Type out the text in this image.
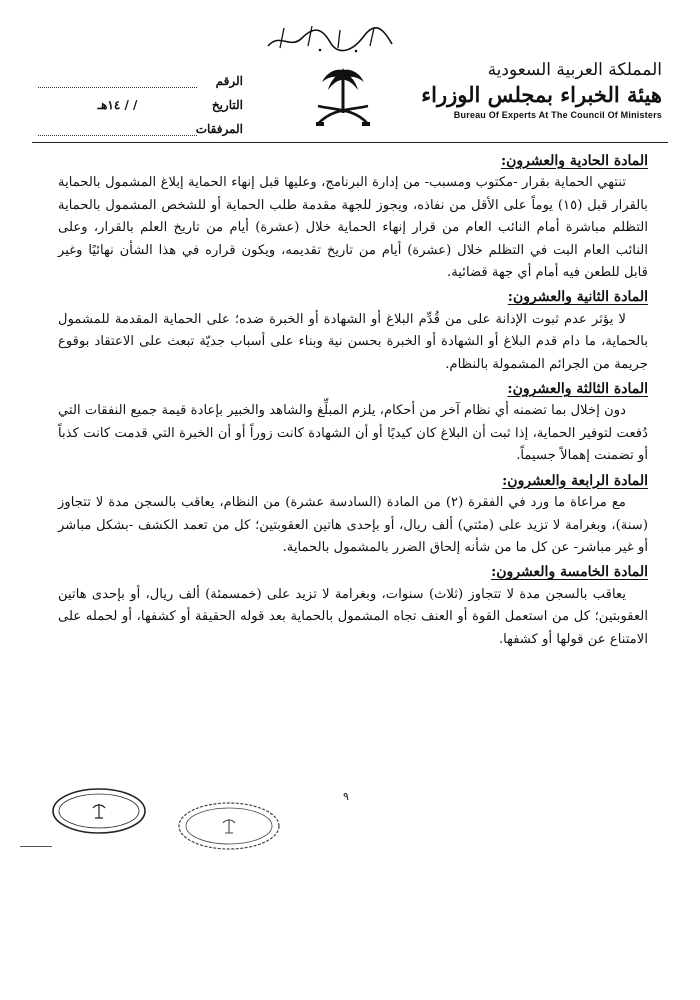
الرقم
التاريخ
/ / ١٤هـ
المرفقات
المملكة العربية السعودية
هيئة الخبراء بمجلس الوزراء
Bureau Of Experts At The Council Of Ministers

المادة الحادية والعشرون:

تنتهي الحماية بقرار -مكتوب ومسبب- من إدارة البرنامج، وعليها قبل إنهاء الحماية إبلاغ المشمول بالحماية بالقرار قبل (١٥) يوماً على الأقل من نفاذه، ويجوز للجهة مقدمة طلب الحماية أو للشخص المشمول بالحماية التظلم مباشرة أمام النائب العام من قرار إنهاء الحماية خلال (عشرة) أيام من تاريخ العلم بالقرار، وعلى النائب العام البت في التظلم خلال (عشرة) أيام من تاريخ تقديمه، ويكون قراره في هذا الشأن نهائيًا وغير قابل للطعن فيه أمام أي جهة قضائية.

المادة الثانية والعشرون:

لا يؤثر عدم ثبوت الإدانة على من قُدِّم البلاغ أو الشهادة أو الخبرة ضده؛ على الحماية المقدمة للمشمول بالحماية، ما دام قدم البلاغ أو الشهادة أو الخبرة بحسن نية وبناء على أسباب جديّة تبعث على الاعتقاد بوقوع جريمة من الجرائم المشمولة بالنظام.

المادة الثالثة والعشرون:

دون إخلال بما تضمنه أي نظام آخر من أحكام، يلزم المبلِّغ والشاهد والخبير بإعادة قيمة جميع النفقات التي دُفعت لتوفير الحماية، إذا ثبت أن البلاغ كان كيديًا أو أن الشهادة كانت زوراً أو أن الخبرة التي قدمت كانت كذباً أو تضمنت إهمالاً جسيماً.

المادة الرابعة والعشرون:

مع مراعاة ما ورد في الفقرة (٢) من المادة (السادسة عشرة) من النظام، يعاقب بالسجن مدة لا تتجاوز (سنة)، وبغرامة لا تزيد على (مئتي) ألف ريال، أو بإحدى هاتين العقوبتين؛ كل من تعمد الكشف -بشكل مباشر أو غير مباشر- عن كل ما من شأنه إلحاق الضرر بالمشمول بالحماية.

المادة الخامسة والعشرون:

يعاقب بالسجن مدة لا تتجاوز (ثلاث) سنوات، وبغرامة لا تزيد على (خمسمئة) ألف ريال، أو بإحدى هاتين العقوبتين؛ كل من استعمل القوة أو العنف تجاه المشمول بالحماية بعد قوله الحقيقة أو كشفها، أو لحمله على الامتناع عن قولها أو كشفها.

٩
